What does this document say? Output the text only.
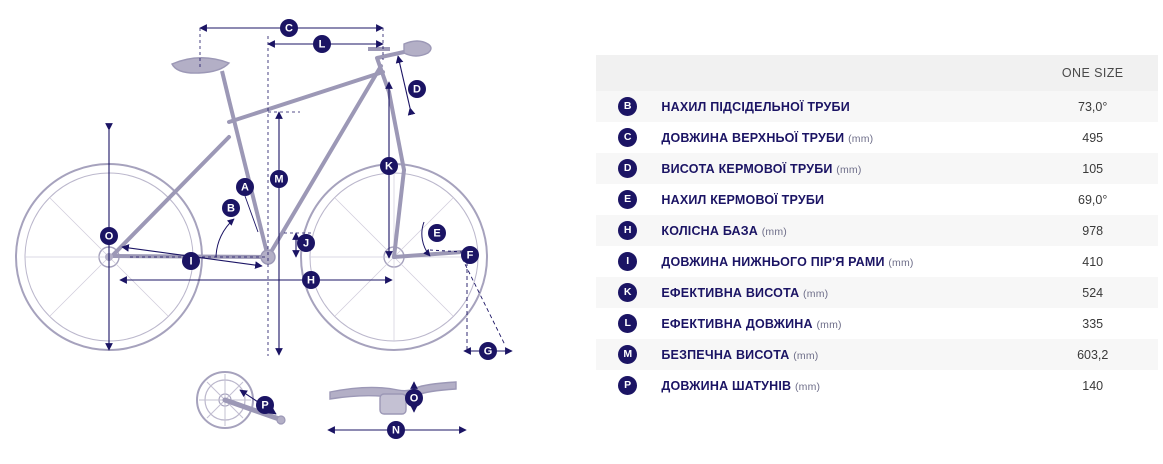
C
L
D
K
M
A
B
E
O
J
F
I
H
G
P
O
N
		ONE SIZE
B	НАХИЛ ПІДСІДЕЛЬНОЇ ТРУБИ	73,0°
C	ДОВЖИНА ВЕРХНЬОЇ ТРУБИ (mm)	495
D	ВИСОТА КЕРМОВОЇ ТРУБИ (mm)	105
E	НАХИЛ КЕРМОВОЇ ТРУБИ	69,0°
H	КОЛІСНА БАЗА (mm)	978
I	ДОВЖИНА НИЖНЬОГО ПІР'Я РАМИ (mm)	410
K	ЕФЕКТИВНА ВИСОТА (mm)	524
L	ЕФЕКТИВНА ДОВЖИНА (mm)	335
M	БЕЗПЕЧНА ВИСОТА (mm)	603,2
P	ДОВЖИНА ШАТУНІВ (mm)	140
